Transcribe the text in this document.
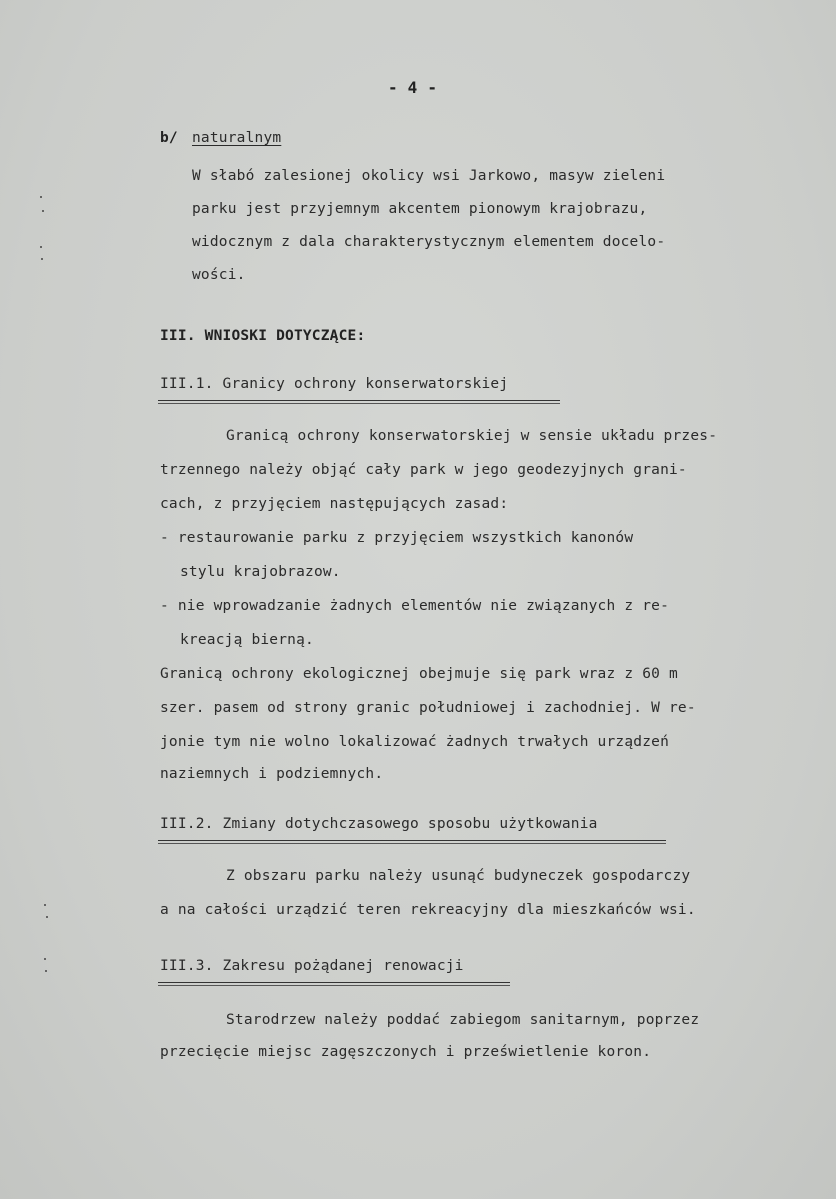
- 4 -
b/ naturalnym
W słabó zalesionej okolicy wsi Jarkowo, masyw zieleni
parku jest przyjemnym akcentem pionowym krajobrazu,
widocznym z dala charakterystycznym elementem docelo-
wości.
III. WNIOSKI DOTYCZĄCE:
III.1. Granicy ochrony konserwatorskiej
Granicą ochrony konserwatorskiej w sensie układu przes-
trzennego należy objąć cały park w jego geodezyjnych grani-
cach, z przyjęciem następujących zasad:
- restaurowanie parku z przyjęciem wszystkich kanonów
stylu krajobrazow.
- nie wprowadzanie żadnych elementów nie związanych z re-
kreacją bierną.
Granicą ochrony ekologicznej obejmuje się park wraz z 60 m
szer. pasem od strony granic południowej i zachodniej. W re-
jonie tym nie wolno lokalizować żadnych trwałych urządzeń
naziemnych i podziemnych.
III.2. Zmiany dotychczasowego sposobu użytkowania
Z obszaru parku należy usunąć budyneczek gospodarczy
a na całości urządzić teren rekreacyjny dla mieszkańców wsi.
III.3. Zakresu pożądanej renowacji
Starodrzew należy poddać zabiegom sanitarnym, poprzez
przecięcie miejsc zagęszczonych i prześwietlenie koron.
